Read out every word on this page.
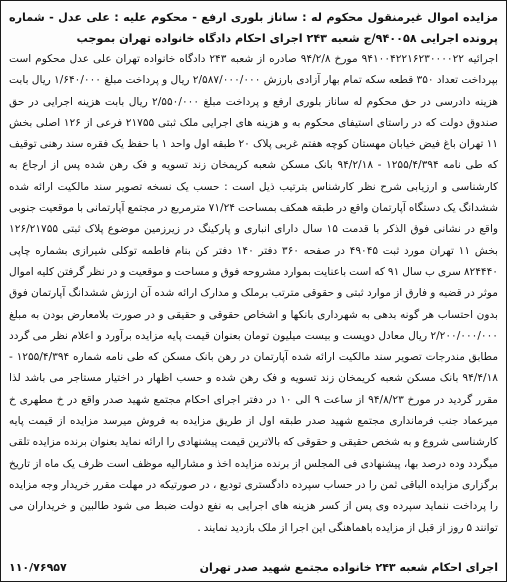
مزایده اموال غیرمنقول محکوم له : ساناز بلوری ارفع - محکوم علیه : علی عدل - شماره پرونده اجرایی ۹۴۰۰۵۸/ج شعبه ۲۴۳ اجرای احکام دادگاه خانواده تهران بموجب

اجرائیه ۹۴۱۰۰۴۲۲۱۶۲۳۰۰۰۰۲۲ مورخ ۹۴/۲/۸ صادره از شعبه ۲۴۳ دادگاه خانواده تهران علی عدل محکوم است بپرداخت تعداد ۳۵۰ قطعه سکه تمام بهار آزادی بارزش ۲/۵۸۷/۰۰۰/۰۰۰ ریال و پرداخت مبلغ ۱/۶۴۰/۰۰۰ ریال بابت هزینه دادرسی در حق محکوم له ساناز بلوری ارفع و پرداخت مبلغ ۲/۵۵۰/۰۰۰ ریال بابت هزینه اجرایی در حق صندوق دولت که در راستای استیفای محکوم به و هزینه های اجرایی ملک ثبتی ۲۱۷۵۵ فرعی از ۱۲۶ اصلی بخش ۱۱ تهران باغ فیض خیابان مهستان کوچه هفتم غربی پلاک ۲۰ طبقه اول واحد ۱ با حفظ یک فقره سند رهنی توقیف که طی نامه ۱۲۵۵/۴/۳۹۴ - ۹۴/۲/۱۸ بانک مسکن شعبه کریمخان زند تسویه و فک رهن شده پس از ارجاع به کارشناسی و ارزیابی شرح نظر کارشناس بترتیب ذیل است : حسب یک نسخه تصویر سند مالکیت ارائه شده ششدانگ یک دستگاه آپارتمان واقع در طبقه همکف بمساحت ۷۱/۲۴ مترمربع در مجتمع آپارتمانی با موقعیت جنوبی واقع در نشانی فوق الذکر با قدمت ۱۵ سال دارای انباری و پارکینگ در زیرزمین موضوع پلاک ثبتی ۱۲۶/۲۱۷۵۵ بخش ۱۱ تهران مورد ثبت ۴۹۰۴۵ در صفحه ۳۶۰ دفتر ۱۴۰ دفتر کن بنام فاطمه توکلی شیرازی بشماره چاپی ۸۲۴۴۴۰ سری ب سال ۹۱ که است باعنایت بموارد مشروحه فوق و مساحت و موقعیت و در نظر گرفتن کلیه اموال موثر در قضیه و فارق از موارد ثبتی و حقوقی مترتب برملک و مدارک ارائه شده آن ارزش ششدانگ آپارتمان فوق بدون احتساب هر گونه بدهی به شهرداری بانکها و اشخاص حقوقی و حقیقی و در صورت بلامعارض بودن به مبلغ ۲/۲۰۰/۰۰۰/۰۰۰ ریال معادل دویست و بیست میلیون تومان بعنوان قیمت پایه مزایده برآورد و اعلام نظر می گردد مطابق مندرجات تصویر سند مالکیت ارائه شده آپارتمان در رهن بانک مسکن که طی نامه شماره ۱۲۵۵/۴/۳۹۴ - ۹۴/۴/۱۸ بانک مسکن شعبه کریمخان زند تسویه و فک رهن شده و حسب اظهار در اختیار مستاجر می باشد لذا مقرر گردید در مورخ ۹۴/۸/۲۳ از ساعت ۹ الی ۱۰ در دفتر اجرای احکام مجتمع شهید صدر واقع در خ مطهری خ میرعماد جنب فرمانداری مجتمع شهید صدر طبقه اول از طریق مزایده به فروش میرسد مزایده از قیمت پایه کارشناسی شروع و به شخص حقیقی و حقوقی که بالاترین قیمت پیشنهادی را ارائه نماید بعنوان برنده مزایده تلقی میگردد وده درصد بها، پیشنهادی فی المجلس از برنده مزایده اخذ و مشارالیه موظف است ظرف یک ماه از تاریخ برگزاری مزایده الباقی ثمن را در حساب سپرده دادگستری تودیع ، در صورتیکه در مهلت مقرر خریدار وجه مزایده را پرداخت ننماید سپرده وی پس از کسر هزینه های اجرایی به نفع دولت ضبط می شود طالبین و خریداران می توانند ۵ روز از قبل از مزایده باهماهنگی این اجرا از ملک بازدید نمایند .

اجرای احکام شعبه ۲۴۳ خانواده مجتمع شهید صدر تهران
۱۱۰/۷۶۹۵۷
